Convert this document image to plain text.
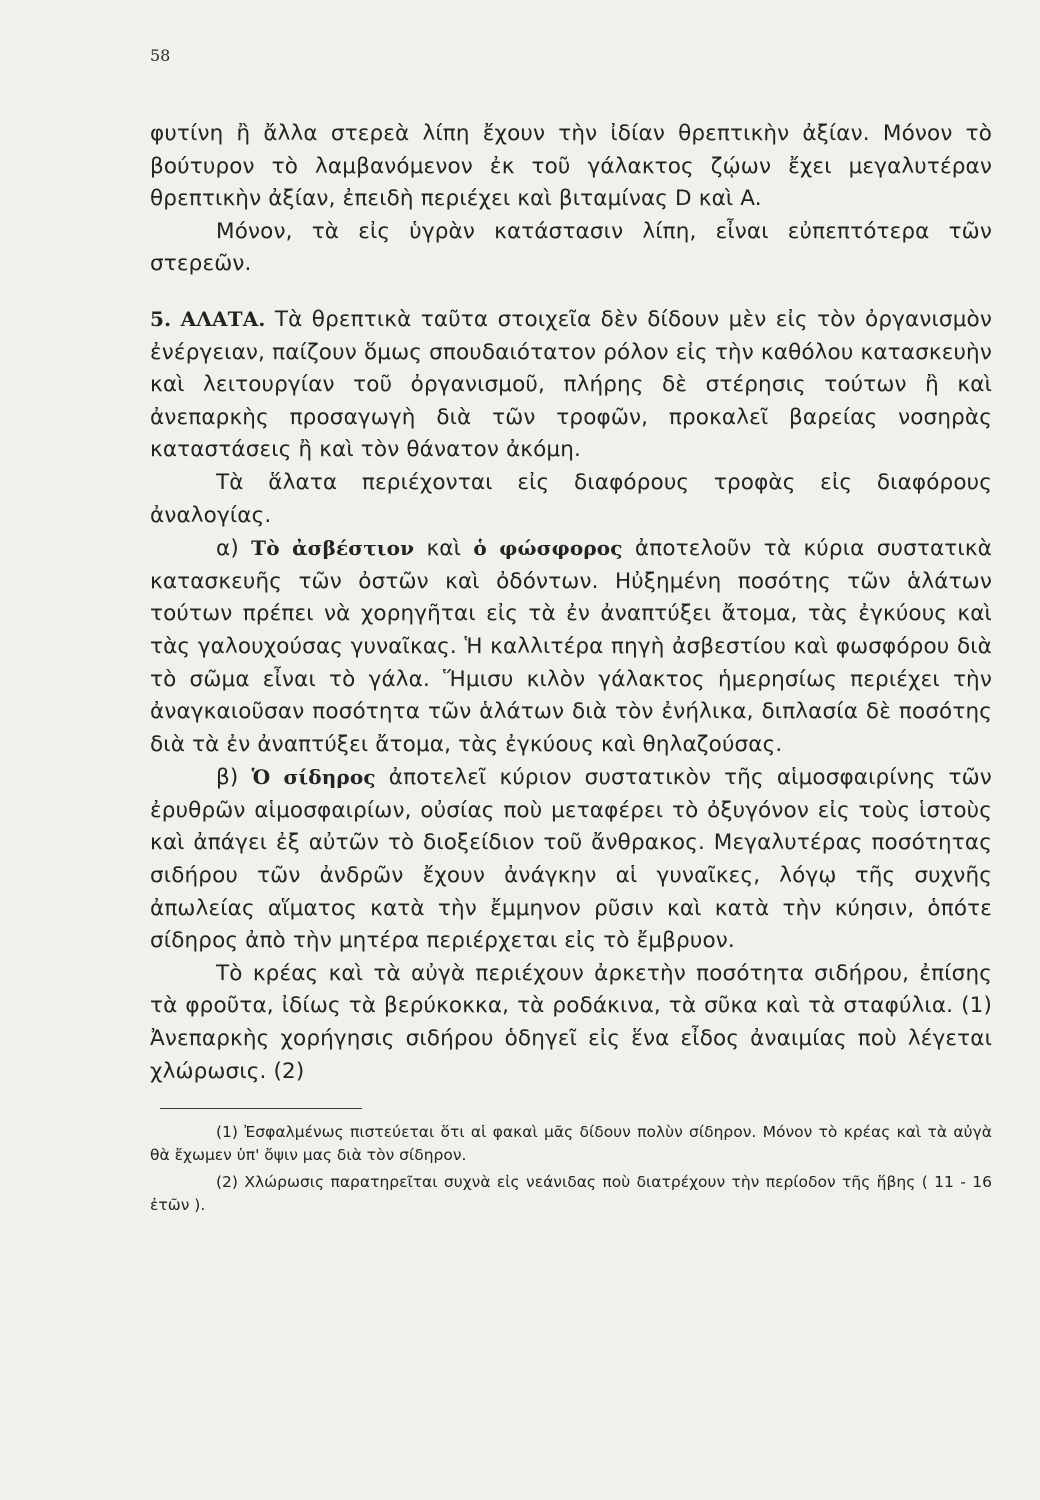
58

φυτίνη ἢ ἄλλα στερεὰ λίπη ἔχουν τὴν ἰδίαν θρεπτικὴν ἀξίαν. Μόνον τὸ βούτυρον τὸ λαμβανόμενον ἐκ τοῦ γάλακτος ζῴων ἔχει μεγαλυτέραν θρεπτικὴν ἀξίαν, ἐπειδὴ περιέχει καὶ βιταμίνας D καὶ A.

Μόνον, τὰ εἰς ὑγρὰν κατάστασιν λίπη, εἶναι εὐπεπτότερα τῶν στερεῶν.

5. ΑΛΑΤΑ. Τὰ θρεπτικὰ ταῦτα στοιχεῖα δὲν δίδουν μὲν εἰς τὸν ὀργανισμὸν ἐνέργειαν, παίζουν ὅμως σπουδαιότατον ρόλον εἰς τὴν καθόλου κατασκευὴν καὶ λειτουργίαν τοῦ ὀργανισμοῦ, πλήρης δὲ στέρησις τούτων ἢ καὶ ἀνεπαρκὴς προσαγωγὴ διὰ τῶν τροφῶν, προκαλεῖ βαρείας νοσηρὰς καταστάσεις ἢ καὶ τὸν θάνατον ἀκόμη.

Τὰ ἅλατα περιέχονται εἰς διαφόρους τροφὰς εἰς διαφόρους ἀναλογίας.

α) Τὸ ἀσβέστιον καὶ ὁ φώσφορος ἀποτελοῦν τὰ κύρια συστατικὰ κατασκευῆς τῶν ὀστῶν καὶ ὀδόντων. Ηὐξημένη ποσότης τῶν ἁλάτων τούτων πρέπει νὰ χορηγῆται εἰς τὰ ἐν ἀναπτύξει ἄτομα, τὰς ἐγκύους καὶ τὰς γαλουχούσας γυναῖκας. Ἡ καλλιτέρα πηγὴ ἀσβεστίου καὶ φωσφόρου διὰ τὸ σῶμα εἶναι τὸ γάλα. Ἥμισυ κιλὸν γάλακτος ἡμερησίως περιέχει τὴν ἀναγκαιοῦσαν ποσότητα τῶν ἁλάτων διὰ τὸν ἐνήλικα, διπλασία δὲ ποσότης διὰ τὰ ἐν ἀναπτύξει ἄτομα, τὰς ἐγκύους καὶ θηλαζούσας.

β) Ὁ σίδηρος ἀποτελεῖ κύριον συστατικὸν τῆς αἱμοσφαιρίνης τῶν ἐρυθρῶν αἱμοσφαιρίων, οὐσίας ποὺ μεταφέρει τὸ ὀξυγόνον εἰς τοὺς ἱστοὺς καὶ ἀπάγει ἐξ αὐτῶν τὸ διοξείδιον τοῦ ἄνθρακος. Μεγαλυτέρας ποσότητας σιδήρου τῶν ἀνδρῶν ἔχουν ἀνάγκην αἱ γυναῖκες, λόγῳ τῆς συχνῆς ἀπωλείας αἵματος κατὰ τὴν ἔμμηνον ρῦσιν καὶ κατὰ τὴν κύησιν, ὁπότε σίδηρος ἀπὸ τὴν μητέρα περιέρχεται εἰς τὸ ἔμβρυον.

Τὸ κρέας καὶ τὰ αὐγὰ περιέχουν ἀρκετὴν ποσότητα σιδήρου, ἐπίσης τὰ φροῦτα, ἰδίως τὰ βερύκοκκα, τὰ ροδάκινα, τὰ σῦκα καὶ τὰ σταφύλια. (1) Ἀνεπαρκὴς χορήγησις σιδήρου ὁδηγεῖ εἰς ἕνα εἶδος ἀναιμίας ποὺ λέγεται χλώρωσις. (2)

(1) Ἐσφαλμένως πιστεύεται ὅτι αἱ φακαὶ μᾶς δίδουν πολὺν σίδηρον. Μόνον τὸ κρέας καὶ τὰ αὐγὰ θὰ ἔχωμεν ὑπ' ὄψιν μας διὰ τὸν σίδηρον.

(2) Χλώρωσις παρατηρεῖται συχνὰ εἰς νεάνιδας ποὺ διατρέχουν τὴν περίοδον τῆς ἥβης ( 11 - 16 ἐτῶν ).
